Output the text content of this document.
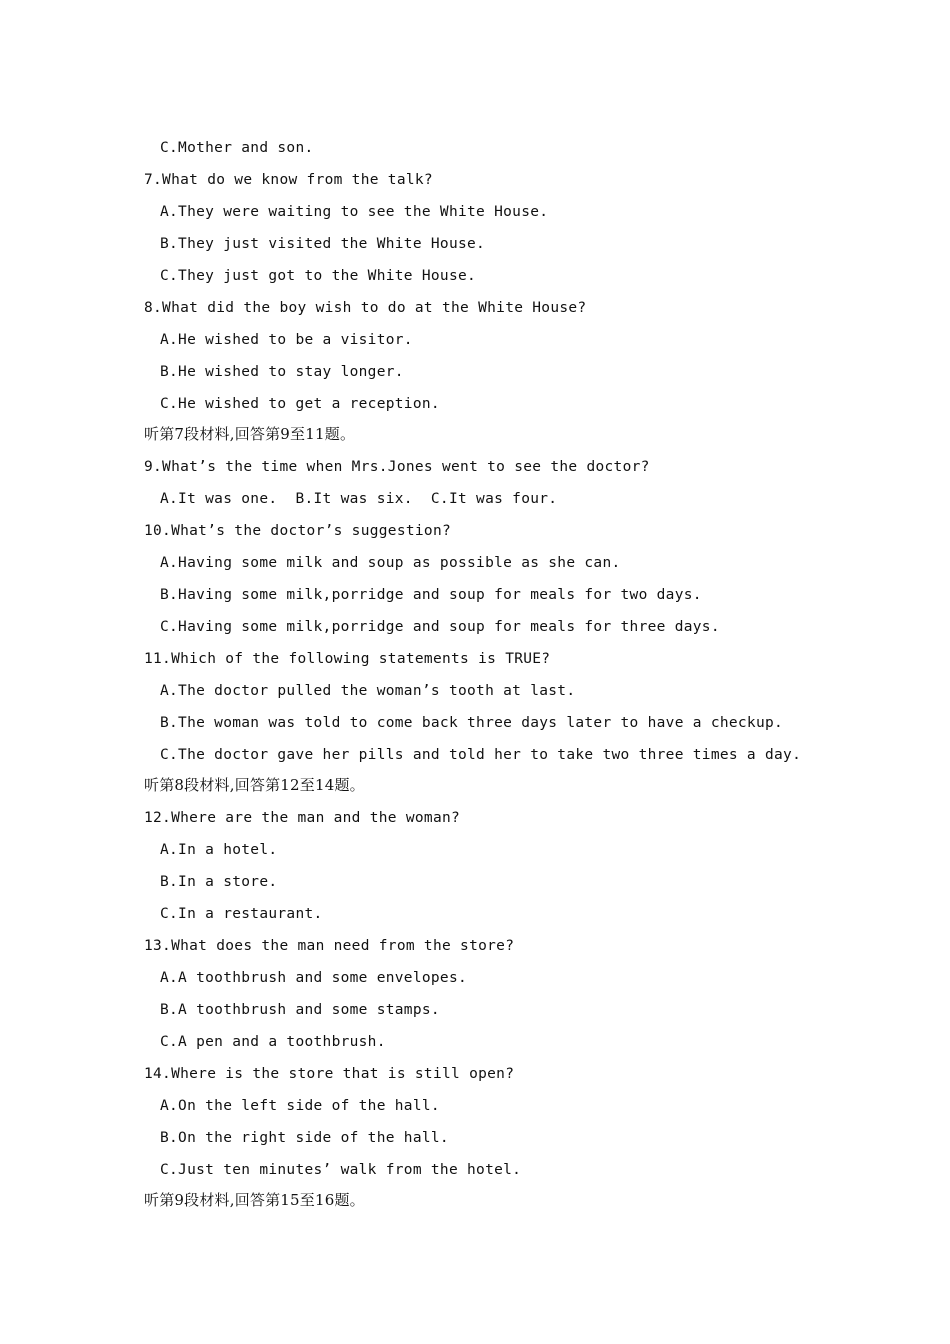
C.Mother and son.
7.What do we know from the talk?
A.They were waiting to see the White House.
B.They just visited the White House.
C.They just got to the White House.
8.What did the boy wish to do at the White House?
A.He wished to be a visitor.
B.He wished to stay longer.
C.He wished to get a reception.
听第7段材料,回答第9至11题。
9.What’s the time when Mrs.Jones went to see the doctor?
A.It was one.  B.It was six.  C.It was four.
10.What’s the doctor’s suggestion?
A.Having some milk and soup as possible as she can.
B.Having some milk,porridge and soup for meals for two days.
C.Having some milk,porridge and soup for meals for three days.
11.Which of the following statements is TRUE?
A.The doctor pulled the woman’s tooth at last.
B.The woman was told to come back three days later to have a checkup.
C.The doctor gave her pills and told her to take two three times a day.
听第8段材料,回答第12至14题。
12.Where are the man and the woman?
A.In a hotel.
B.In a store.
C.In a restaurant.
13.What does the man need from the store?
A.A toothbrush and some envelopes.
B.A toothbrush and some stamps.
C.A pen and a toothbrush.
14.Where is the store that is still open?
A.On the left side of the hall.
B.On the right side of the hall.
C.Just ten minutes’ walk from the hotel.
听第9段材料,回答第15至16题。
